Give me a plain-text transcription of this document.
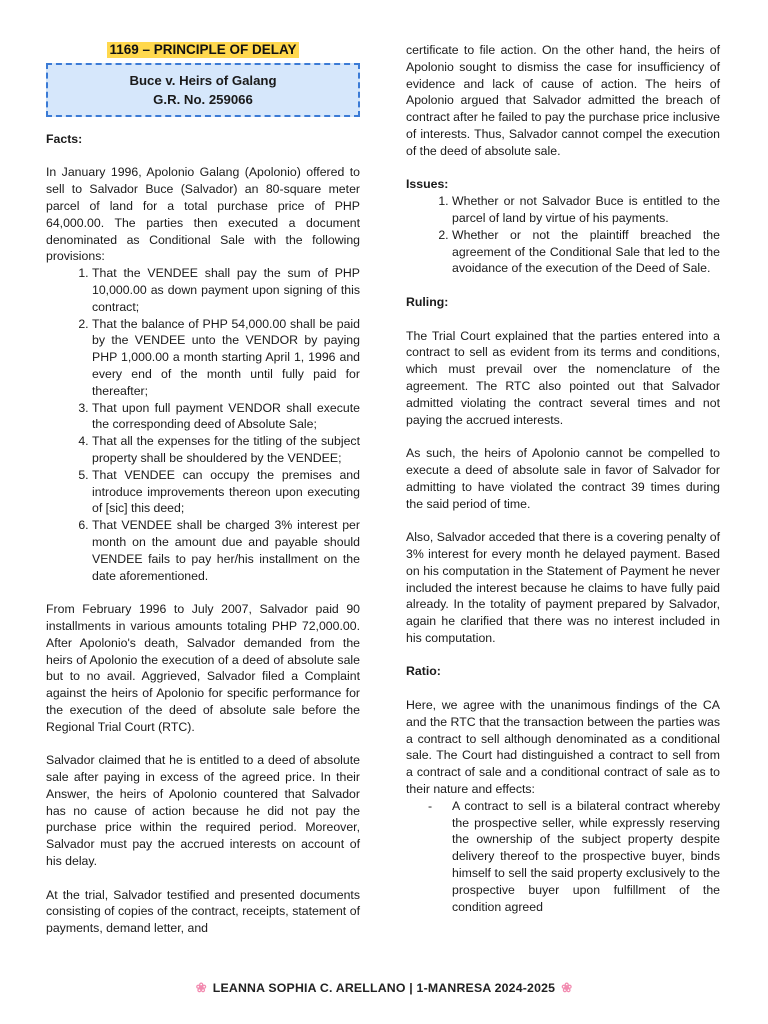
1169 – PRINCIPLE OF DELAY
Buce v. Heirs of Galang
G.R. No. 259066

Facts:

In January 1996, Apolonio Galang (Apolonio) offered to sell to Salvador Buce (Salvador) an 80-square meter parcel of land for a total purchase price of PHP 64,000.00. The parties then executed a document denominated as Conditional Sale with the following provisions:

1. That the VENDEE shall pay the sum of PHP 10,000.00 as down payment upon signing of this contract;
2. That the balance of PHP 54,000.00 shall be paid by the VENDEE unto the VENDOR by paying PHP 1,000.00 a month starting April 1, 1996 and every end of the month until fully paid for thereafter;
3. That upon full payment VENDOR shall execute the corresponding deed of Absolute Sale;
4. That all the expenses for the titling of the subject property shall be shouldered by the VENDEE;
5. That VENDEE can occupy the premises and introduce improvements thereon upon executing of [sic] this deed;
6. That VENDEE shall be charged 3% interest per month on the amount due and payable should VENDEE fails to pay her/his installment on the date aforementioned.

From February 1996 to July 2007, Salvador paid 90 installments in various amounts totaling PHP 72,000.00. After Apolonio's death, Salvador demanded from the heirs of Apolonio the execution of a deed of absolute sale but to no avail. Aggrieved, Salvador filed a Complaint against the heirs of Apolonio for specific performance for the execution of the deed of absolute sale before the Regional Trial Court (RTC).

Salvador claimed that he is entitled to a deed of absolute sale after paying in excess of the agreed price. In their Answer, the heirs of Apolonio countered that Salvador has no cause of action because he did not pay the purchase price within the required period. Moreover, Salvador must pay the accrued interests on account of his delay.

At the trial, Salvador testified and presented documents consisting of copies of the contract, receipts, statement of payments, demand letter, and

certificate to file action. On the other hand, the heirs of Apolonio sought to dismiss the case for insufficiency of evidence and lack of cause of action. The heirs of Apolonio argued that Salvador admitted the breach of contract after he failed to pay the purchase price inclusive of interests. Thus, Salvador cannot compel the execution of the deed of absolute sale.

Issues:

1. Whether or not Salvador Buce is entitled to the parcel of land by virtue of his payments.
2. Whether or not the plaintiff breached the agreement of the Conditional Sale that led to the avoidance of the execution of the Deed of Sale.

Ruling:

The Trial Court explained that the parties entered into a contract to sell as evident from its terms and conditions, which must prevail over the nomenclature of the agreement. The RTC also pointed out that Salvador admitted violating the contract several times and not paying the accrued interests.

As such, the heirs of Apolonio cannot be compelled to execute a deed of absolute sale in favor of Salvador for admitting to have violated the contract 39 times during the said period of time.

Also, Salvador acceded that there is a covering penalty of 3% interest for every month he delayed payment. Based on his computation in the Statement of Payment he never included the interest because he claims to have fully paid already. In the totality of payment prepared by Salvador, again he clarified that there was no interest included in his computation.

Ratio:

Here, we agree with the unanimous findings of the CA and the RTC that the transaction between the parties was a contract to sell although denominated as a conditional sale. The Court had distinguished a contract to sell from a contract of sale and a conditional contract of sale as to their nature and effects:

- A contract to sell is a bilateral contract whereby the prospective seller, while expressly reserving the ownership of the subject property despite delivery thereof to the prospective buyer, binds himself to sell the said property exclusively to the prospective buyer upon fulfillment of the condition agreed
❀ LEANNA SOPHIA C. ARELLANO | 1-MANRESA 2024-2025 ❀
